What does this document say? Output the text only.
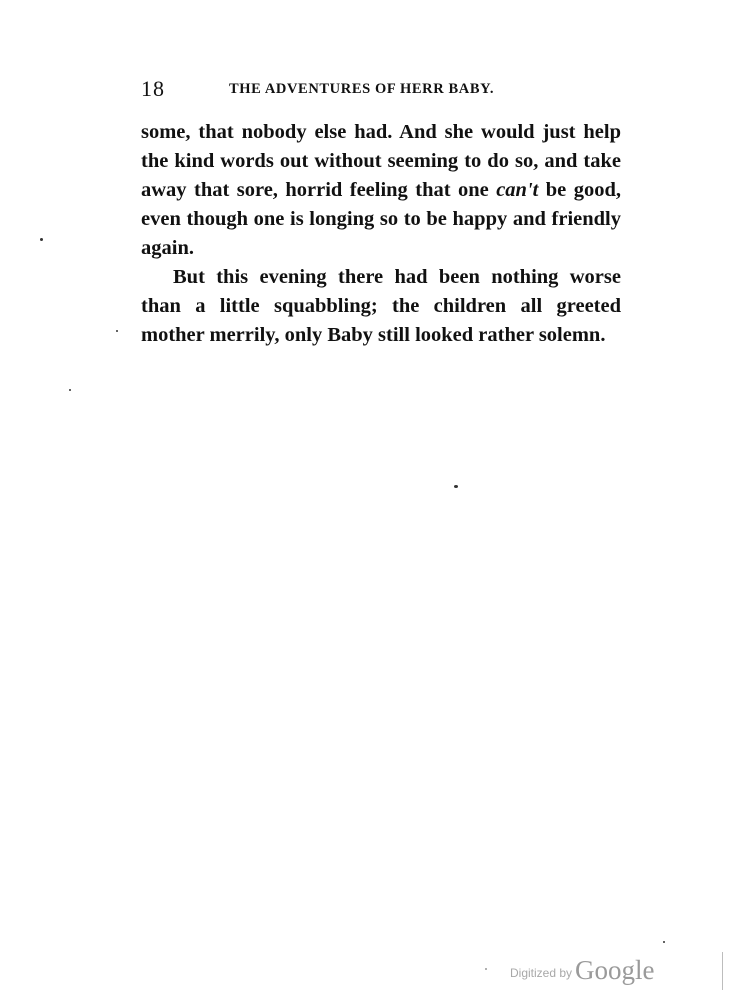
18	THE ADVENTURES OF HERR BABY.
some, that nobody else had. And she would just help
the kind words out without seeming to do so, and take
away that sore, horrid feeling that one can't be good,
even though one is longing so to be happy and friendly
again.
But this evening there had been nothing worse
than a little squabbling; the children all greeted
mother merrily, only Baby still looked rather solemn.
Digitized by Google
